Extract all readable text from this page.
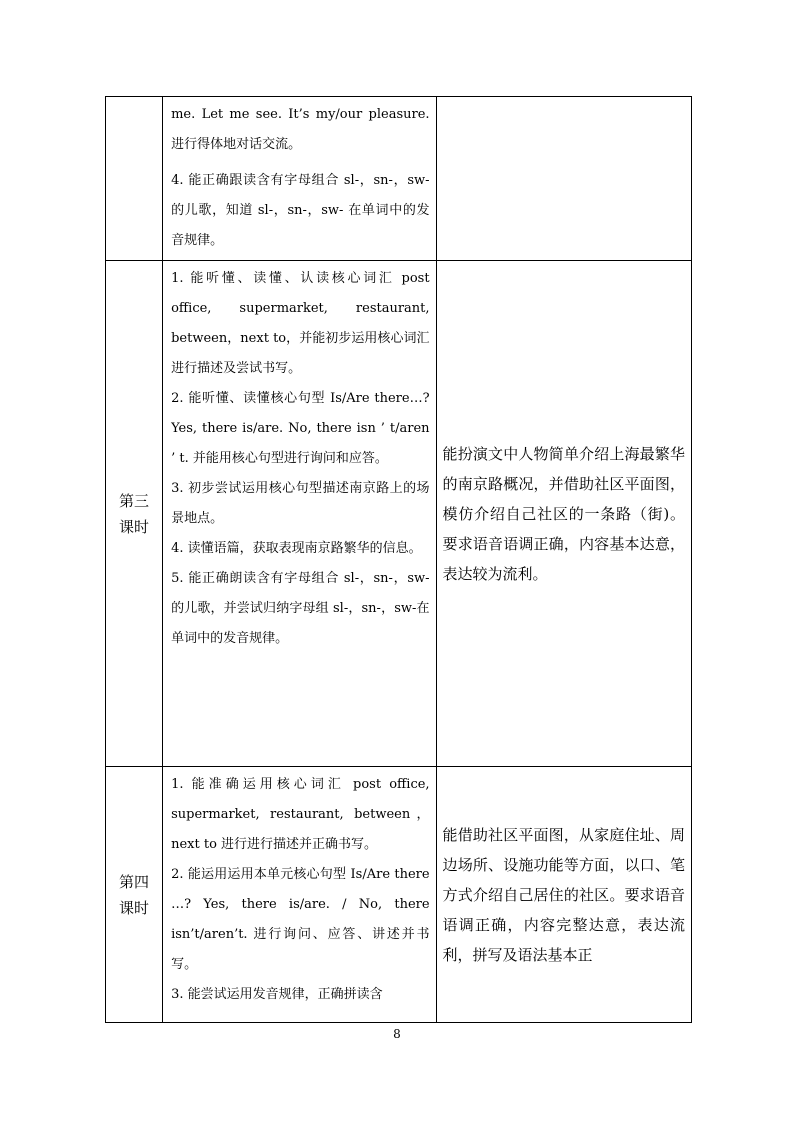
	me. Let me see. It’s my/our pleasure. 进行得体地对话交流。

4. 能正确跟读含有字母组合 sl-，sn-，sw-的儿歌，知道 sl-，sn-，sw- 在单词中的发音规律。	

第三课时	1. 能听懂、读懂、认读核心词汇 post office, supermarket, restaurant, between，next to，并能初步运用核心词汇进行描述及尝试书写。

2. 能听懂、读懂核心句型 Is/Are there…? Yes, there is/are. No, there isn ’ t/aren ’ t. 并能用核心句型进行询问和应答。

3. 初步尝试运用核心句型描述南京路上的场景地点。

4. 读懂语篇，获取表现南京路繁华的信息。

5. 能正确朗读含有字母组合 sl-，sn-，sw-的儿歌，并尝试归纳字母组 sl-，sn-，sw-在单词中的发音规律。	能扮演文中人物简单介绍上海最繁华的南京路概况，并借助社区平面图，模仿介绍自己社区的一条路（街)。要求语音语调正确，内容基本达意，表达较为流利。

第四课时	1. 能准确运用核心词汇 post office, supermarket, restaurant, between，next to 进行进行描述并正确书写。

2. 能运用运用本单元核心句型 Is/Are there …? Yes, there is/are. / No, there isn’t/aren’t. 进行询问、应答、讲述并书写。

3. 能尝试运用发音规律，正确拼读含	能借助社区平面图，从家庭住址、周边场所、设施功能等方面，以口、笔方式介绍自己居住的社区。要求语音语调正确，内容完整达意，表达流利，拼写及语法基本正

8
